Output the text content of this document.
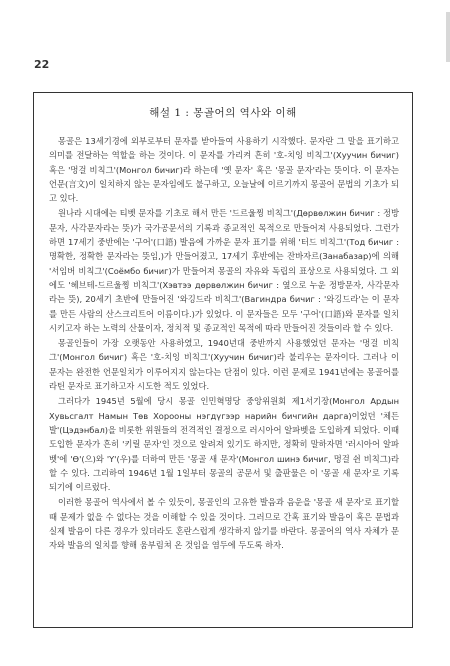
22
해설 1 : 몽골어의 역사와 이해

몽골은 13세기경에 외부로부터 문자를 받아들여 사용하기 시작했다. 문자란 그 말을 표기하고 의미를 전달하는 역할을 하는 것이다. 이 문자를 가리켜 흔히 '호-치잉 비칙그'(Хуучин бичиг) 혹은 '멍걸 비칙그'(Монгол бичиг)라 하는데 '옛 문자' 혹은 '몽골 문자'라는 뜻이다. 이 문자는 언문(言文)이 일치하지 않는 문자임에도 불구하고, 오늘날에 이르기까지 몽골어 문법의 기초가 되고 있다.

원나라 시대에는 티벳 문자를 기초로 해서 만든 '드르울찡 비칙그'(Дөрвөлжин бичиг : 정방문자, 사각문자라는 뜻)가 국가공문서의 기록과 종교적인 목적으로 만들어져 사용되었다. 그런가 하면 17세기 중반에는 '구어'(口語) 발음에 가까운 문자 표기를 위해 '터드 비칙그'(Тод бичиг : 명확한, 정확한 문자라는 뜻임,)가 만들어졌고, 17세기 후반에는 잔바자르(Занабазар)에 의해 '서임버 비칙그'(Соёмбо бичиг)가 만들어져 몽골의 자유와 독립의 표상으로 사용되었다. 그 외에도 '헤브테-드르울찡 비칙그'(Хэвтээ дөрвөлжин бичиг : 옆으로 누운 정방문자, 사각문자라는 뜻), 20세기 초반에 만들어진 '와깅드라 비칙그'(Вагиндра бичиг : '와깅드라'는 이 문자를 만든 사람의 산스크리트어 이름이다.)가 있었다. 이 문자들은 모두 '구어'(口語)와 문자를 일치시키고자 하는 노력의 산물이자, 정치적 및 종교적인 목적에 따라 만들어진 것들이라 할 수 있다.

몽골인들이 가장 오랫동안 사용하였고, 1940년대 중반까지 사용했었던 문자는 '멍걸 비칙그'(Монгол бичиг) 혹은 '호-치잉 비칙그'(Хуучин бичиг)라 불리우는 문자이다. 그러나 이 문자는 완전한 언문일치가 이루어지지 않는다는 단점이 있다. 이런 문제로 1941년에는 몽골어를 라틴 문자로 표기하고자 시도한 적도 있었다.

그러다가 1945년 5월에 당시 몽골 인민혁명당 중앙위원회 제1서기장(Монгол Ардын Хувьсгалт Намын Төв Хорооны нэгдүгээр нарийн бичгийн дарга)이었던 '체든발'(Цэдэнбал)을 비롯한 위원들의 전격적인 결정으로 러시아어 알파벳을 도입하게 되었다. 이때 도입한 문자가 흔히 '키릴 문자'인 것으로 알려져 있기도 하지만, 정확히 말하자면 '러시아어 알파벳'에 'Ө'(으)와 'Ү'(우)를 더하여 만든 '몽골 새 문자'(Монгол шинэ бичиг, 멍걸 쉰 비칙그)라 할 수 있다. 그리하여 1946년 1월 1일부터 몽골의 공문서 및 출판물은 이 '몽골 새 문자'로 기록되기에 이르렀다.

이러한 몽골어 역사에서 볼 수 있듯이, 몽골인의 고유한 발음과 음운을 '몽골 새 문자'로 표기할 때 문제가 없을 수 없다는 것을 이해할 수 있을 것이다. 그러므로 간혹 표기와 발음이 혹은 문법과 실제 발음이 다른 경우가 있더라도 혼란스럽게 생각하지 않기를 바란다. 몽골어의 역사 자체가 문자와 발음의 일치를 향해 움부림쳐 온 것임을 염두에 두도록 하자.
